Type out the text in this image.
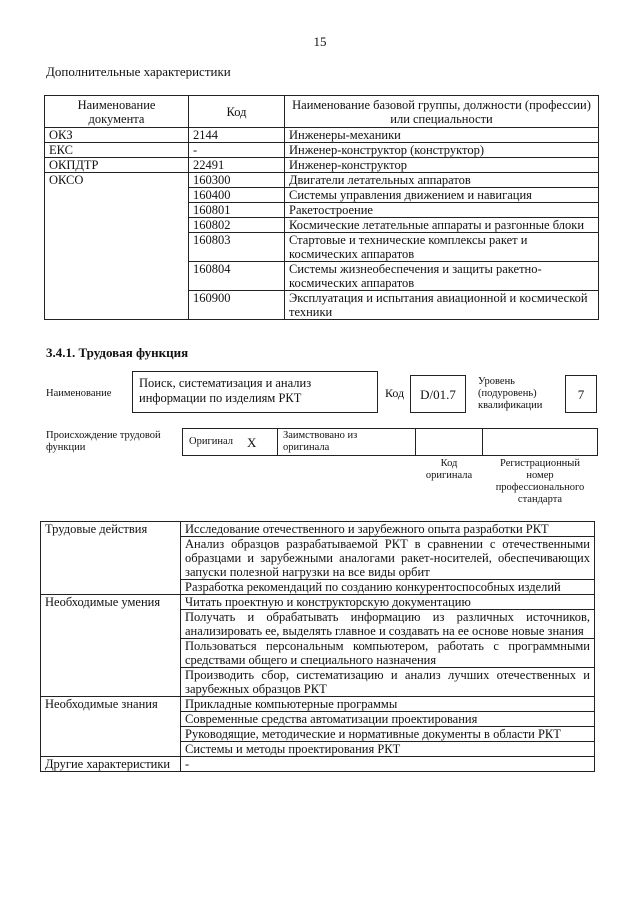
15
Дополнительные характеристики
Наименование документа	Код	Наименование базовой группы, должности (профессии) или специальности
ОКЗ	2144	Инженеры-механики
ЕКС	-	Инженер-конструктор (конструктор)
ОКПДТР	22491	Инженер-конструктор
ОКСО	160300	Двигатели летательных аппаратов
	160400	Системы управления движением и навигация
	160801	Ракетостроение
	160802	Космические летательные аппараты и разгонные блоки
	160803	Стартовые и технические комплексы ракет и космических аппаратов
	160804	Системы жизнеобеспечения и защиты ракетно-космических аппаратов
	160900	Эксплуатация и испытания авиационной и космической техники
3.4.1. Трудовая функция
Наименование
Поиск, систематизация и анализ информации по изделиям РКТ	Код	D/01.7
Уровень (подуровень) квалификации
7
Происхождение трудовой функции
Оригинал X	Заимствовано из оригинала
Код оригинала
Регистрационный номер профессионального стандарта
Трудовые действия	Исследование отечественного и зарубежного опыта разработки РКТ
	Анализ образцов разрабатываемой РКТ в сравнении с отечественными образцами и зарубежными аналогами ракет-носителей, обеспечивающих запуски полезной нагрузки на все виды орбит
	Разработка рекомендаций по созданию конкурентоспособных изделий
Необходимые умения	Читать проектную и конструкторскую документацию
	Получать и обрабатывать информацию из различных источников, анализировать ее, выделять главное и создавать на ее основе новые знания
	Пользоваться персональным компьютером, работать с программными средствами общего и специального назначения
	Производить сбор, систематизацию и анализ лучших отечественных и зарубежных образцов РКТ
Необходимые знания	Прикладные компьютерные программы
	Современные средства автоматизации проектирования
	Руководящие, методические и нормативные документы в области РКТ
	Системы и методы проектирования РКТ
Другие характеристики	-
